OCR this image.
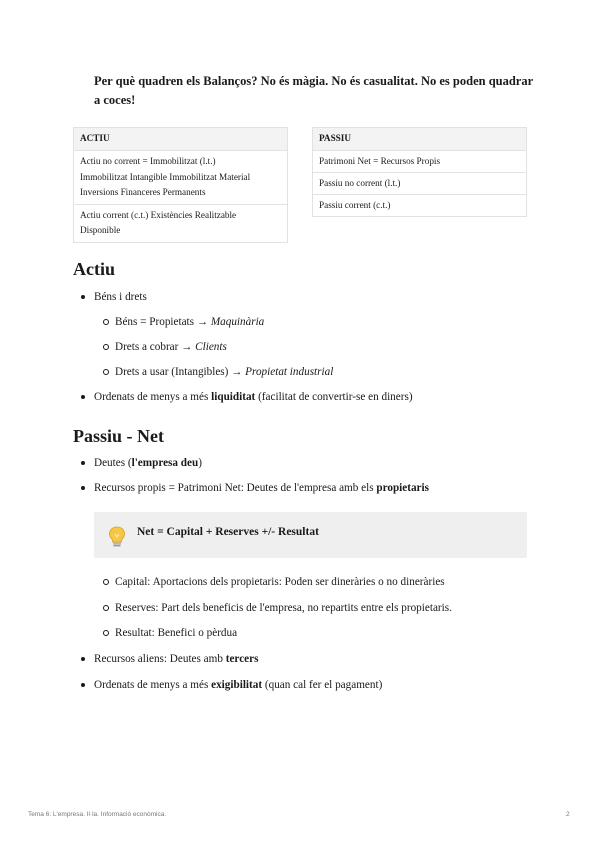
Per què quadren els Balanços? No és màgia. No és casualitat. No es poden quadrar a coces!
ACTIU

Actiu no corrent = Immobilitzat (l.t.)
Immobilitzat Intangible Immobilitzat Material
Inversions Financeres Permanents

Actiu corrent (c.t.) Existències Realitzable
Disponible
PASSIU
Patrimoni Net = Recursos Propis
Passiu no corrent (l.t.)
Passiu corrent (c.t.)
Actiu
Béns i drets
Béns = Propietats → Maquinària
Drets a cobrar → Clients
Drets a usar (Intangibles) → Propietat industrial
Ordenats de menys a més liquiditat (facilitat de convertir-se en diners)
Passiu - Net
Deutes (l'empresa deu)
Recursos propis = Patrimoni Net: Deutes de l'empresa amb els propietaris
Net = Capital + Reserves +/- Resultat
Capital: Aportacions dels propietaris: Poden ser dineràries o no dineràries
Reserves: Part dels beneficis de l'empresa, no repartits entre els propietaris.
Resultat: Benefici o pèrdua
Recursos aliens: Deutes amb tercers
Ordenats de menys a més exigibilitat (quan cal fer el pagament)
Tema 6: L'empresa. Il·la. Informació econòmica.	2
